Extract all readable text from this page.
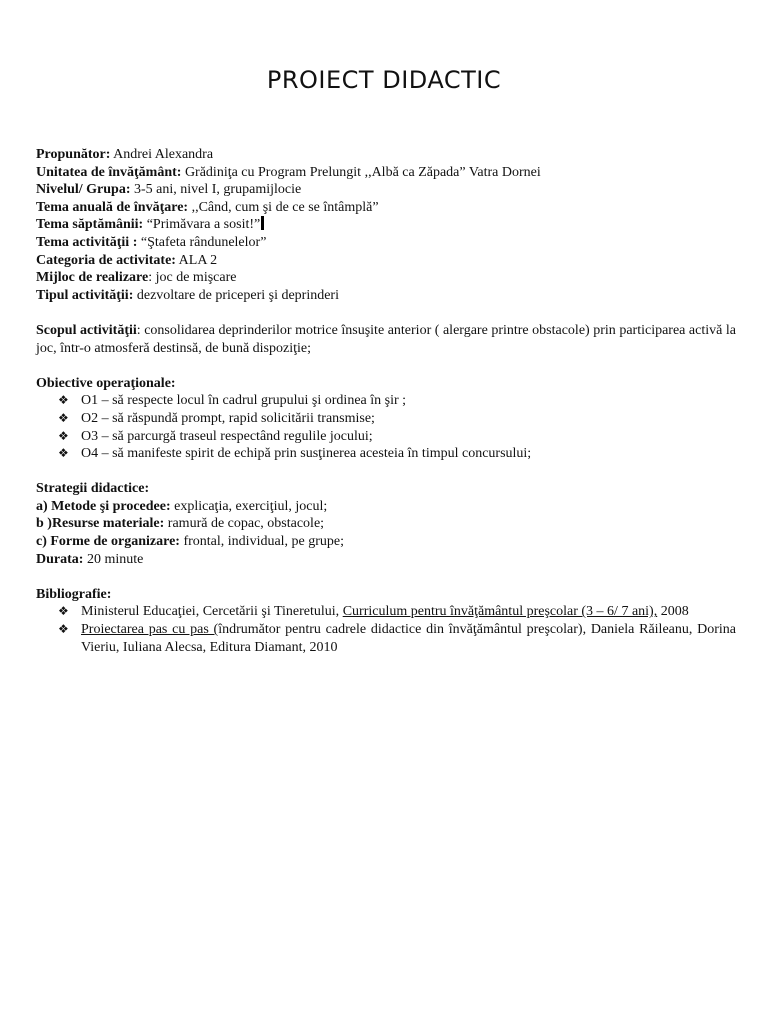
PROIECT DIDACTIC
Propunător: Andrei Alexandra
Unitatea de învăţământ: Grădiniţa cu Program Prelungit ,,Albă ca Zăpada” Vatra Dornei
Nivelul/ Grupa: 3-5 ani, nivel I, grupamijlocie
Tema anuală de învăţare: ,,Când, cum şi de ce se întâmplă”
Tema săptămânii: “Primăvara a sosit!”
Tema activităţii : “Ştafeta rândunelelor”
Categoria de activitate: ALA 2
Mijloc de realizare: joc de mişcare
Tipul activităţii: dezvoltare de priceperi şi deprinderi
Scopul activităţii: consolidarea deprinderilor motrice însuşite anterior ( alergare printre obstacole) prin participarea activă la joc, într-o atmosferă destinsă, de bună dispoziţie;
Obiective operaţionale:
❖ O1 – să respecte locul în cadrul grupului şi ordinea în şir ;
❖ O2 – să răspundă prompt, rapid solicitării transmise;
❖ O3 – să parcurgă traseul respectând regulile jocului;
❖ O4 – să manifeste spirit de echipă prin susţinerea acesteia în timpul concursului;
Strategii didactice:
a) Metode şi procedee: explicaţia, exerciţiul, jocul;
b )Resurse materiale: ramură de copac, obstacole;
c) Forme de organizare: frontal, individual, pe grupe;
Durata: 20 minute
Bibliografie:
❖ Ministerul Educaţiei, Cercetării şi Tineretului, Curriculum pentru învăţământul preşcolar (3 – 6/ 7 ani), 2008
❖ Proiectarea pas cu pas (îndrumător pentru cadrele didactice din învăţământul preşcolar), Daniela Răileanu, Dorina Vieriu, Iuliana Alecsa, Editura Diamant, 2010
